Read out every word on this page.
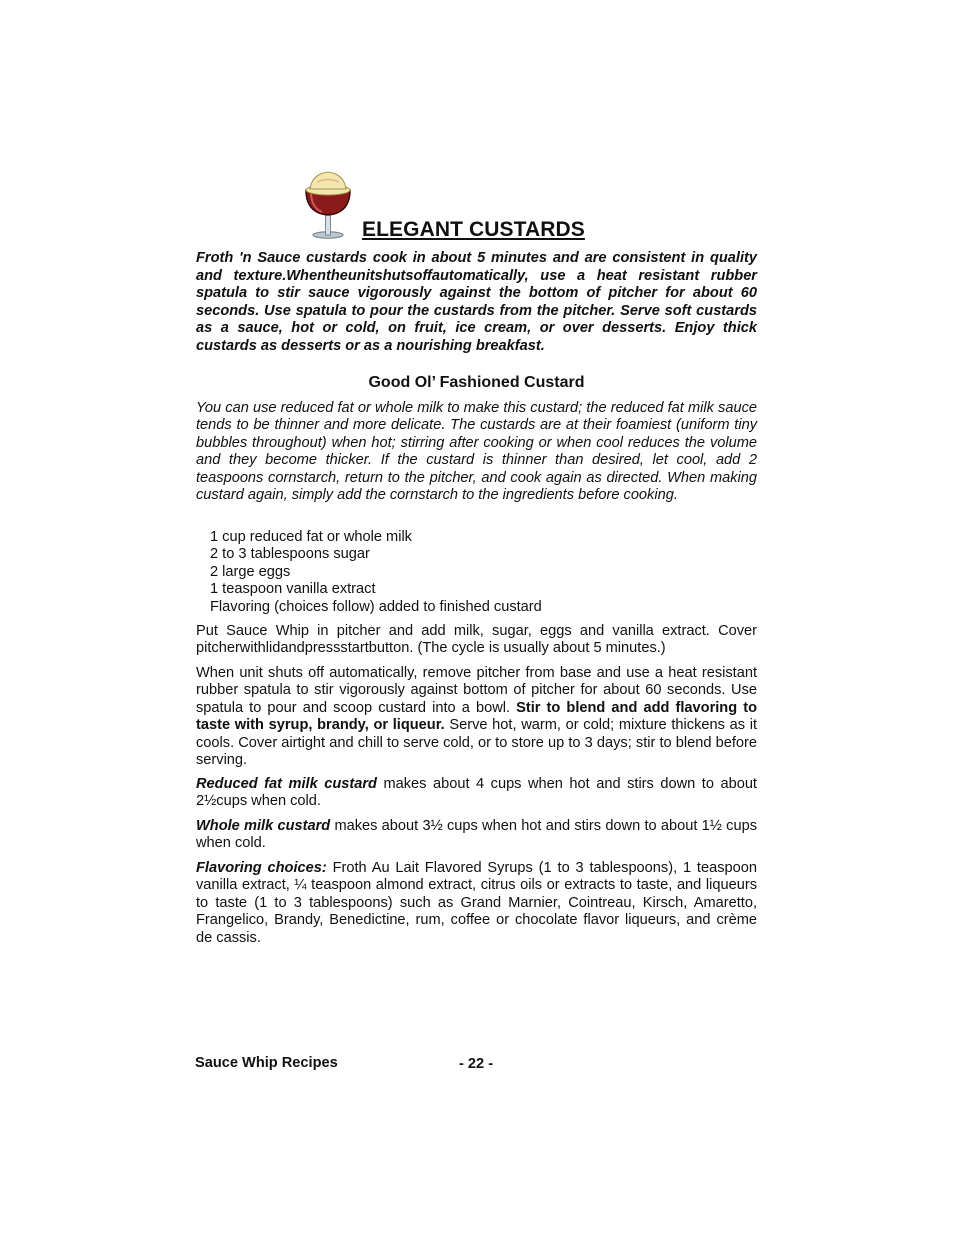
ELEGANT CUSTARDS

Froth 'n Sauce custards cook in about 5 minutes and are consistent in quality and texture.Whentheunitshutsoffautomatically, use a heat resistant rubber spatula to stir sauce vigorously against the bottom of pitcher for about 60 seconds. Use spatula to pour the custards from the pitcher. Serve soft custards as a sauce, hot or cold, on fruit, ice cream, or over desserts. Enjoy thick custards as desserts or as a nourishing breakfast.

Good Ol’ Fashioned Custard

You can use reduced fat or whole milk to make this custard; the reduced fat milk sauce tends to be thinner and more delicate. The custards are at their foamiest (uniform tiny bubbles throughout) when hot; stirring after cooking or when cool reduces the volume and they become thicker. If the custard is thinner than desired, let cool, add 2 teaspoons cornstarch, return to the pitcher, and cook again as directed. When making custard again, simply add the cornstarch to the ingredients before cooking.

1 cup reduced fat or whole milk
2 to 3 tablespoons sugar
2 large eggs
1 teaspoon vanilla extract
Flavoring (choices follow) added to finished custard

Put Sauce Whip in pitcher and add milk, sugar, eggs and vanilla extract. Cover pitcherwithlidandpressstartbutton. (The cycle is usually about 5 minutes.)

When unit shuts off automatically, remove pitcher from base and use a heat resistant rubber spatula to stir vigorously against bottom of pitcher for about 60 seconds. Use spatula to pour and scoop custard into a bowl. Stir to blend and add flavoring to taste with syrup, brandy, or liqueur. Serve hot, warm, or cold; mixture thickens as it cools. Cover airtight and chill to serve cold, or to store up to 3 days; stir to blend before serving.

Reduced fat milk custard makes about 4 cups when hot and stirs down to about 2½cups when cold.

Whole milk custard makes about 3½ cups when hot and stirs down to about 1½ cups when cold.

Flavoring choices: Froth Au Lait Flavored Syrups (1 to 3 tablespoons), 1 teaspoon vanilla extract, ¼ teaspoon almond extract, citrus oils or extracts to taste, and liqueurs to taste (1 to 3 tablespoons) such as Grand Marnier, Cointreau, Kirsch, Amaretto, Frangelico, Brandy, Benedictine, rum, coffee or chocolate flavor liqueurs, and crème de cassis.

Sauce Whip Recipes	- 22 -
